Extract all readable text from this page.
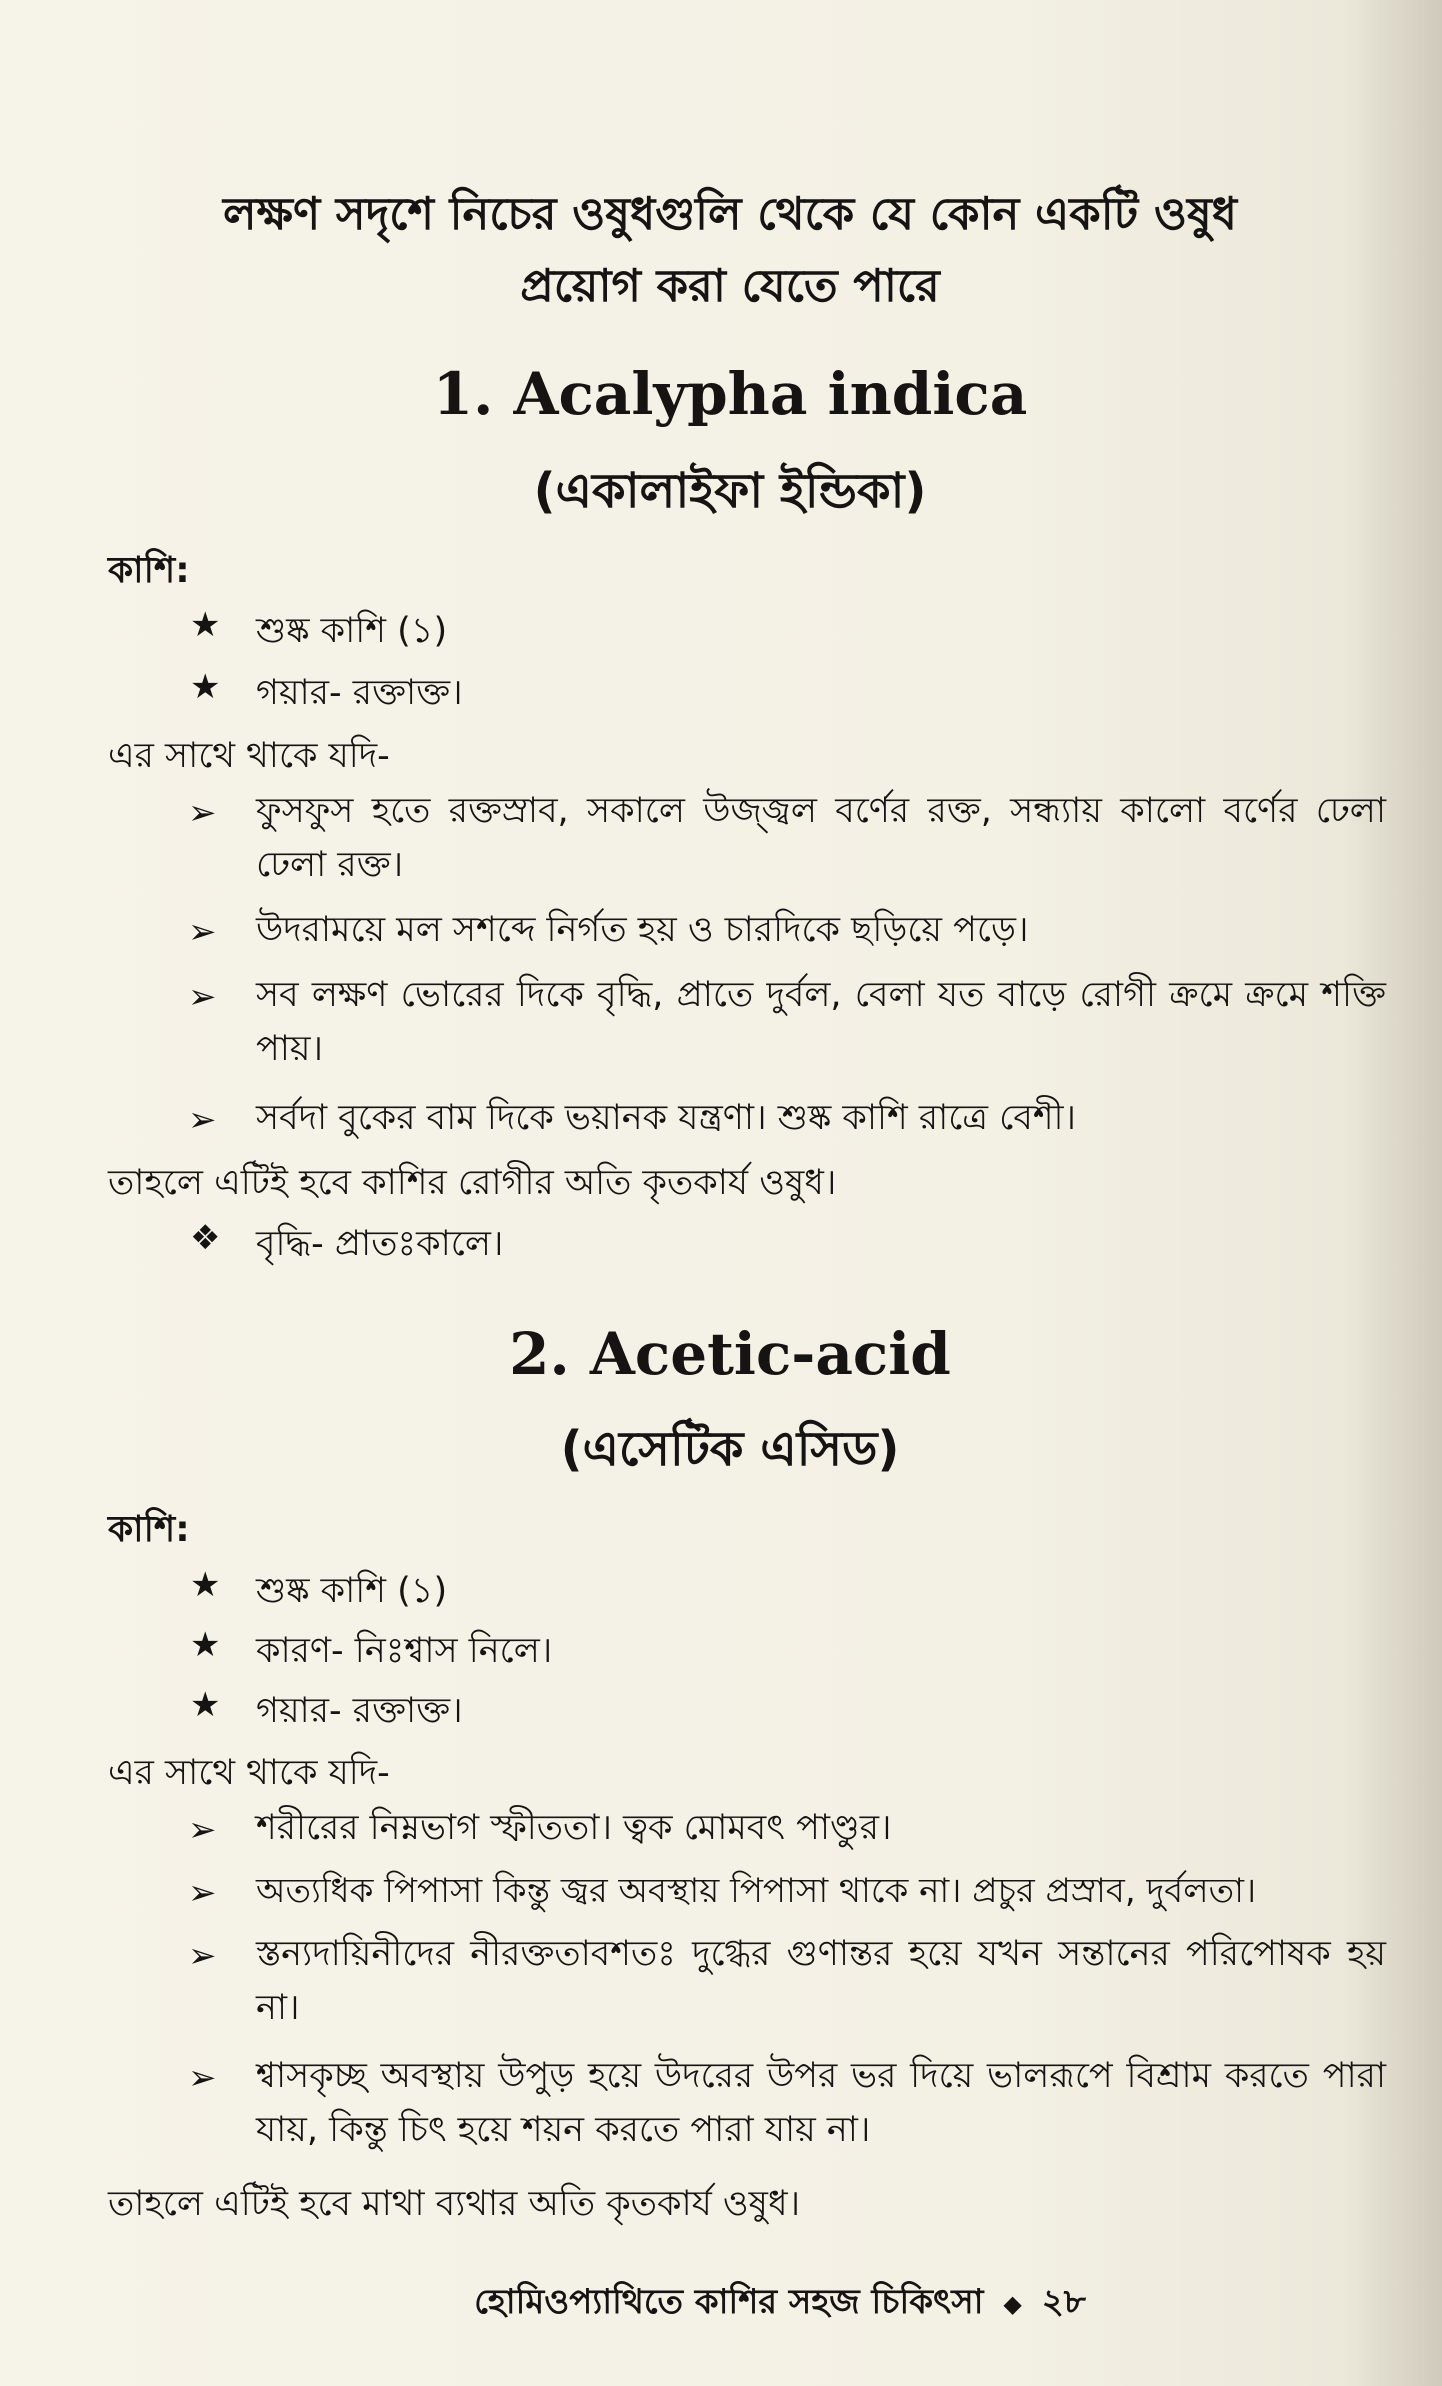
লক্ষণ সদৃশে নিচের ওষুধগুলি থেকে যে কোন একটি ওষুধ
প্রয়োগ করা যেতে পারে
1. Acalypha indica
(একালাইফা ইন্ডিকা)
কাশি:
★ শুষ্ক কাশি (১)
★ গয়ার- রক্তাক্ত।
এর সাথে থাকে যদি-
➢ ফুসফুস হতে রক্তস্রাব, সকালে উজ্জ্বল বর্ণের রক্ত, সন্ধ্যায় কালো বর্ণের ঢেলা ঢেলা রক্ত।
➢ উদরাময়ে মল সশব্দে নির্গত হয় ও চারদিকে ছড়িয়ে পড়ে।
➢ সব লক্ষণ ভোরের দিকে বৃদ্ধি, প্রাতে দুর্বল, বেলা যত বাড়ে রোগী ক্রমে ক্রমে শক্তি পায়।
➢ সর্বদা বুকের বাম দিকে ভয়ানক যন্ত্রণা। শুষ্ক কাশি রাত্রে বেশী।
তাহলে এটিই হবে কাশির রোগীর অতি কৃতকার্য ওষুধ।
❖ বৃদ্ধি- প্রাতঃকালে।
2. Acetic-acid
(এসেটিক এসিড)
কাশি:
★ শুষ্ক কাশি (১)
★ কারণ- নিঃশ্বাস নিলে।
★ গয়ার- রক্তাক্ত।
এর সাথে থাকে যদি-
➢ শরীরের নিম্নভাগ স্ফীততা। ত্বক মোমবৎ পাণ্ডুর।
➢ অত্যধিক পিপাসা কিন্তু জ্বর অবস্থায় পিপাসা থাকে না। প্রচুর প্রস্রাব, দুর্বলতা।
➢ স্তন্যদায়িনীদের নীরক্ততাবশতঃ দুগ্ধের গুণান্তর হয়ে যখন সন্তানের পরিপোষক হয় না।
➢ শ্বাসকৃচ্ছ অবস্থায় উপুড় হয়ে উদরের উপর ভর দিয়ে ভালরূপে বিশ্রাম করতে পারা যায়, কিন্তু চিৎ হয়ে শয়ন করতে পারা যায় না।
তাহলে এটিই হবে মাথা ব্যথার অতি কৃতকার্য ওষুধ।
হোমিওপ্যাথিতে কাশির সহজ চিকিৎসা ◆ ২৮
